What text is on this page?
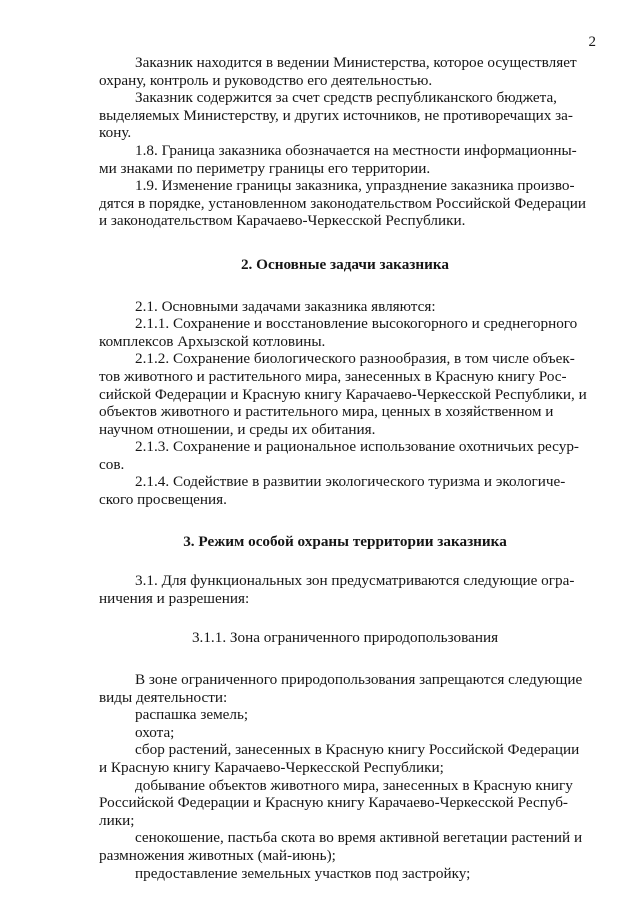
2

Заказник находится в ведении Министерства, которое осуществляет
охрану, контроль и руководство его деятельностью.

Заказник содержится за счет средств республиканского бюджета,
выделяемых Министерству, и других источников, не противоречащих за-
кону.

1.8. Граница заказника обозначается на местности информационны-
ми знаками по периметру границы его территории.

1.9. Изменение границы заказника, упразднение заказника произво-
дятся в порядке, установленном законодательством Российской Федерации
и законодательством Карачаево-Черкесской Республики.

2. Основные задачи заказника

2.1. Основными задачами заказника являются:

2.1.1. Сохранение и восстановление высокогорного и среднегорного
комплексов Архызской котловины.

2.1.2. Сохранение биологического разнообразия, в том числе объек-
тов животного и растительного мира, занесенных в Красную книгу Рос-
сийской Федерации и Красную книгу Карачаево-Черкесской Республики, и
объектов животного и растительного мира, ценных в хозяйственном и
научном отношении, и среды их обитания.

2.1.3. Сохранение и рациональное использование охотничьих ресур-
сов.

2.1.4. Содействие в развитии экологического туризма и экологиче-
ского просвещения.

3. Режим особой охраны территории заказника

3.1. Для функциональных зон предусматриваются следующие огра-
ничения и разрешения:

3.1.1. Зона ограниченного природопользования

В зоне ограниченного природопользования запрещаются следующие
виды деятельности:

распашка земель;

охота;

сбор растений, занесенных в Красную книгу Российской Федерации
и Красную книгу Карачаево-Черкесской Республики;

добывание объектов животного мира, занесенных в Красную книгу
Российской Федерации и Красную книгу Карачаево-Черкесской Респуб-
лики;

сенокошение, пастьба скота во время активной вегетации растений и
размножения животных (май-июнь);

предоставление земельных участков под застройку;
